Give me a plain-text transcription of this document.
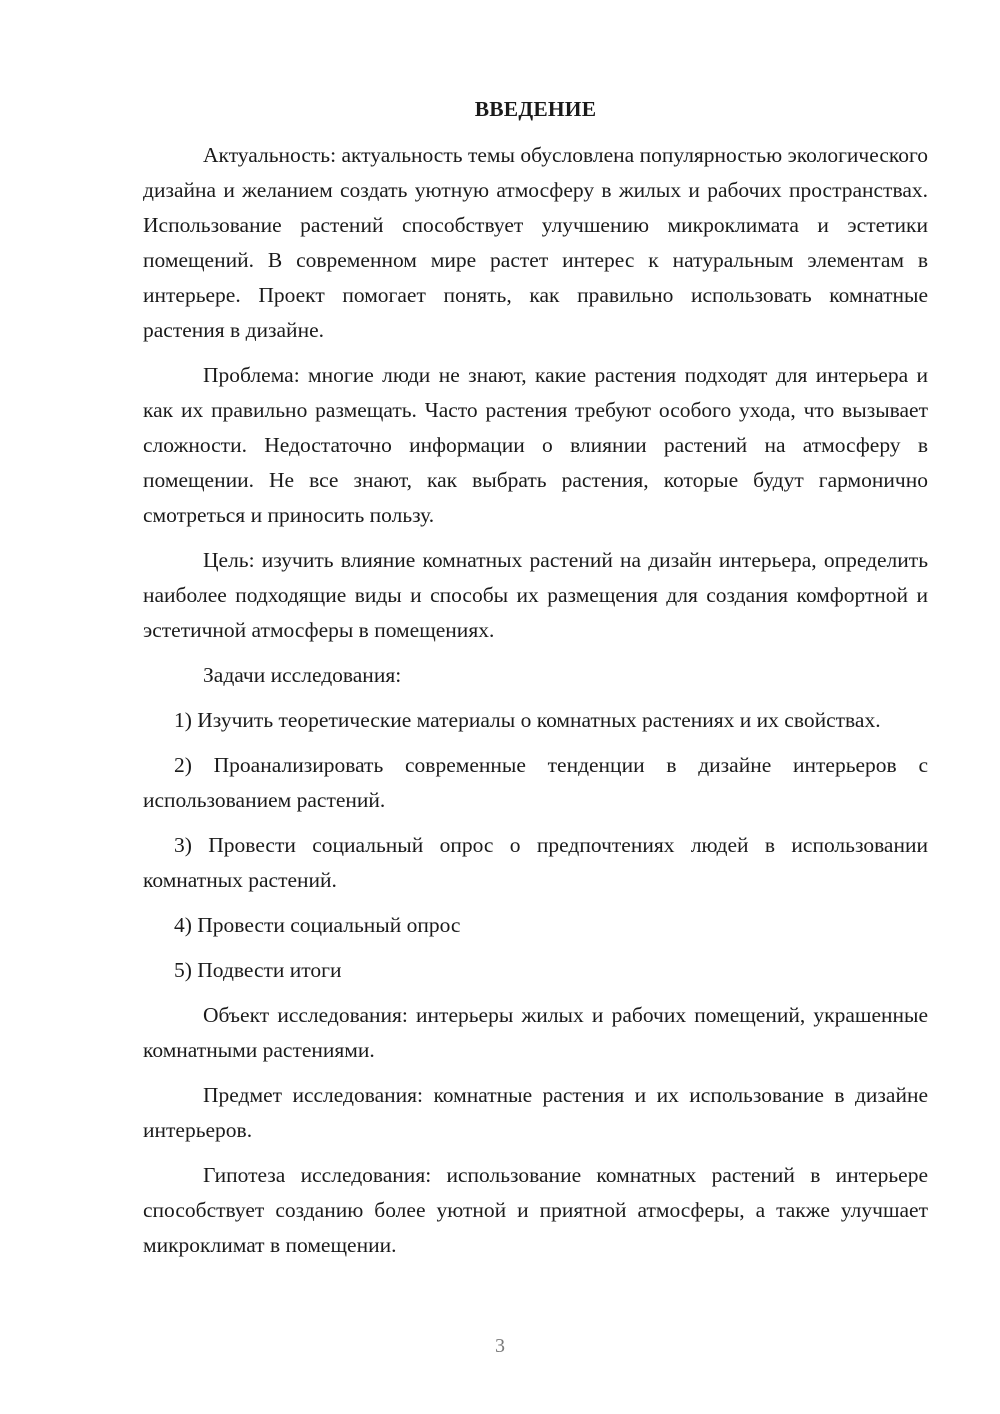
ВВЕДЕНИЕ

Актуальность: актуальность темы обусловлена популярностью экологического дизайна и желанием создать уютную атмосферу в жилых и рабочих пространствах. Использование растений способствует улучшению микроклимата и эстетики помещений. В современном мире растет интерес к натуральным элементам в интерьере. Проект помогает понять, как правильно использовать комнатные растения в дизайне.

Проблема: многие люди не знают, какие растения подходят для интерьера и как их правильно размещать. Часто растения требуют особого ухода, что вызывает сложности. Недостаточно информации о влиянии растений на атмосферу в помещении. Не все знают, как выбрать растения, которые будут гармонично смотреться и приносить пользу.

Цель: изучить влияние комнатных растений на дизайн интерьера, определить наиболее подходящие виды и способы их размещения для создания комфортной и эстетичной атмосферы в помещениях.

Задачи исследования:

1) Изучить теоретические материалы о комнатных растениях и их свойствах.

2) Проанализировать современные тенденции в дизайне интерьеров с использованием растений.

3) Провести социальный опрос о предпочтениях людей в использовании комнатных растений.

4) Провести социальный опрос

5) Подвести итоги

Объект исследования: интерьеры жилых и рабочих помещений, украшенные комнатными растениями.

Предмет исследования: комнатные растения и их использование в дизайне интерьеров.

Гипотеза исследования: использование комнатных растений в интерьере способствует созданию более уютной и приятной атмосферы, а также улучшает микроклимат в помещении.

3
